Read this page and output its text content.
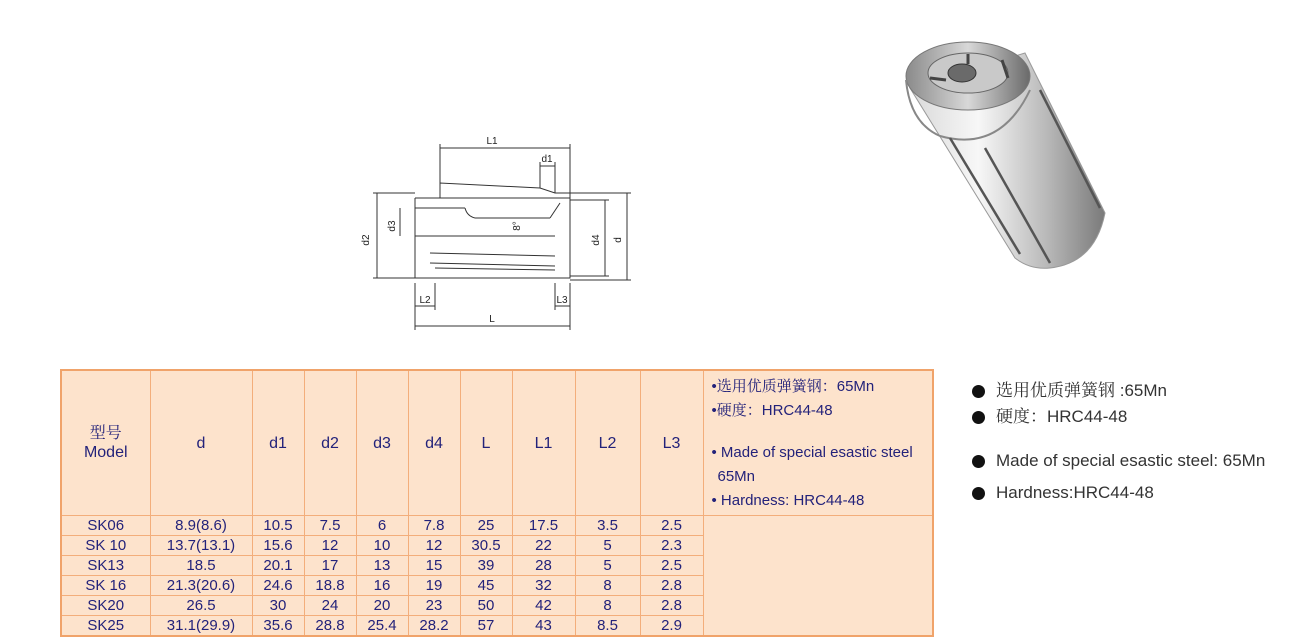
L1
d1
d2
d3
d4 d
8°
L2	L3
L
型号
Model	d	d1	d2	d3	d4	L	L1	L2	L3	•选用优质弹簧钢：65Mn
•硬度：HRC44-48
• Made of special esastic steel
65Mn
• Hardness: HRC44-48

SK06	8.9(8.6)	10.5	7.5	6	7.8	25	17.5	3.5	2.5	
SK 10	13.7(13.1)	15.6	12	10	12	30.5	22	5	2.3	
SK13	18.5	20.1	17	13	15	39	28	5	2.5	
SK 16	21.3(20.6)	24.6	18.8	16	19	45	32	8	2.8	
SK20	26.5	30	24	20	23	50	42	8	2.8	
SK25	31.1(29.9)	35.6	28.8	25.4	28.2	57	43	8.5	2.9	
选用优质弹簧钢 :65Mn
硬度：HRC44-48
Made of special esastic steel: 65Mn
Hardness:HRC44-48
